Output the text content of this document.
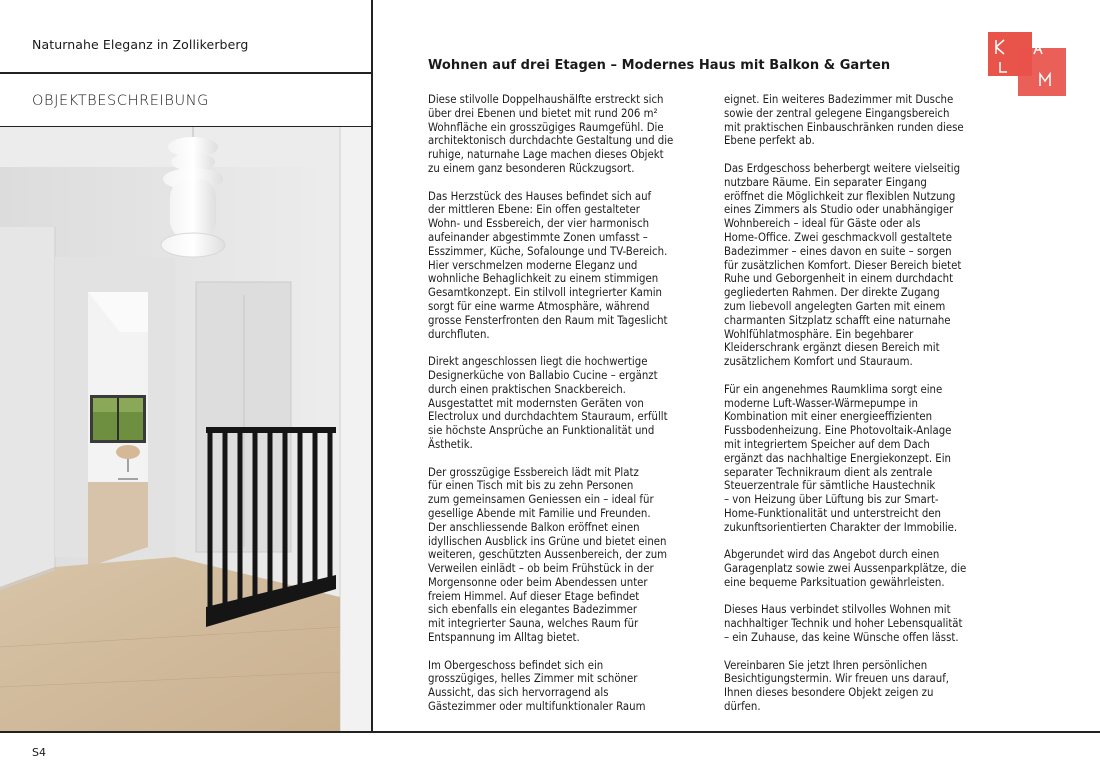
Naturnahe Eleganz in Zollikerberg
OBJEKTBESCHREIBUNG
Wohnen auf drei Etagen – Modernes Haus mit Balkon & Garten

Diese stilvolle Doppelhaushälfte erstreckt sich
über drei Ebenen und bietet mit rund 206 m²
Wohnfläche ein grosszügiges Raumgefühl. Die
architektonisch durchdachte Gestaltung und die
ruhige, naturnahe Lage machen dieses Objekt
zu einem ganz besonderen Rückzugsort.

Das Herzstück des Hauses befindet sich auf
der mittleren Ebene: Ein offen gestalteter
Wohn- und Essbereich, der vier harmonisch
aufeinander abgestimmte Zonen umfasst –
Esszimmer, Küche, Sofalounge und TV-Bereich.
Hier verschmelzen moderne Eleganz und
wohnliche Behaglichkeit zu einem stimmigen
Gesamtkonzept. Ein stilvoll integrierter Kamin
sorgt für eine warme Atmosphäre, während
grosse Fensterfronten den Raum mit Tageslicht
durchfluten.

Direkt angeschlossen liegt die hochwertige
Designerküche von Ballabio Cucine – ergänzt
durch einen praktischen Snackbereich.
Ausgestattet mit modernsten Geräten von
Electrolux und durchdachtem Stauraum, erfüllt
sie höchste Ansprüche an Funktionalität und
Ästhetik.

Der grosszügige Essbereich lädt mit Platz
für einen Tisch mit bis zu zehn Personen
zum gemeinsamen Geniessen ein – ideal für
gesellige Abende mit Familie und Freunden.
Der anschliessende Balkon eröffnet einen
idyllischen Ausblick ins Grüne und bietet einen
weiteren, geschützten Aussenbereich, der zum
Verweilen einlädt – ob beim Frühstück in der
Morgensonne oder beim Abendessen unter
freiem Himmel. Auf dieser Etage befindet
sich ebenfalls ein elegantes Badezimmer
mit integrierter Sauna, welches Raum für
Entspannung im Alltag bietet.

Im Obergeschoss befindet sich ein
grosszügiges, helles Zimmer mit schöner
Aussicht, das sich hervorragend als
Gästezimmer oder multifunktionaler Raum

eignet. Ein weiteres Badezimmer mit Dusche
sowie der zentral gelegene Eingangsbereich
mit praktischen Einbauschränken runden diese
Ebene perfekt ab.

Das Erdgeschoss beherbergt weitere vielseitig
nutzbare Räume. Ein separater Eingang
eröffnet die Möglichkeit zur flexiblen Nutzung
eines Zimmers als Studio oder unabhängiger
Wohnbereich – ideal für Gäste oder als
Home-Office. Zwei geschmackvoll gestaltete
Badezimmer – eines davon en suite – sorgen
für zusätzlichen Komfort. Dieser Bereich bietet
Ruhe und Geborgenheit in einem durchdacht
gegliederten Rahmen. Der direkte Zugang
zum liebevoll angelegten Garten mit einem
charmanten Sitzplatz schafft eine naturnahe
Wohlfühlatmosphäre. Ein begehbarer
Kleiderschrank ergänzt diesen Bereich mit
zusätzlichem Komfort und Stauraum.

Für ein angenehmes Raumklima sorgt eine
moderne Luft-Wasser-Wärmepumpe in
Kombination mit einer energieeffizienten
Fussbodenheizung. Eine Photovoltaik-Anlage
mit integriertem Speicher auf dem Dach
ergänzt das nachhaltige Energiekonzept. Ein
separater Technikraum dient als zentrale
Steuerzentrale für sämtliche Haustechnik
– von Heizung über Lüftung bis zur Smart-
Home-Funktionalität und unterstreicht den
zukunftsorientierten Charakter der Immobilie.

Abgerundet wird das Angebot durch einen
Garagenplatz sowie zwei Aussenparkplätze, die
eine bequeme Parksituation gewährleisten.

Dieses Haus verbindet stilvolles Wohnen mit
nachhaltiger Technik und hoher Lebensqualität
– ein Zuhause, das keine Wünsche offen lässt.

Vereinbaren Sie jetzt Ihren persönlichen
Besichtigungstermin. Wir freuen uns darauf,
Ihnen dieses besondere Objekt zeigen zu
dürfen.

S4
